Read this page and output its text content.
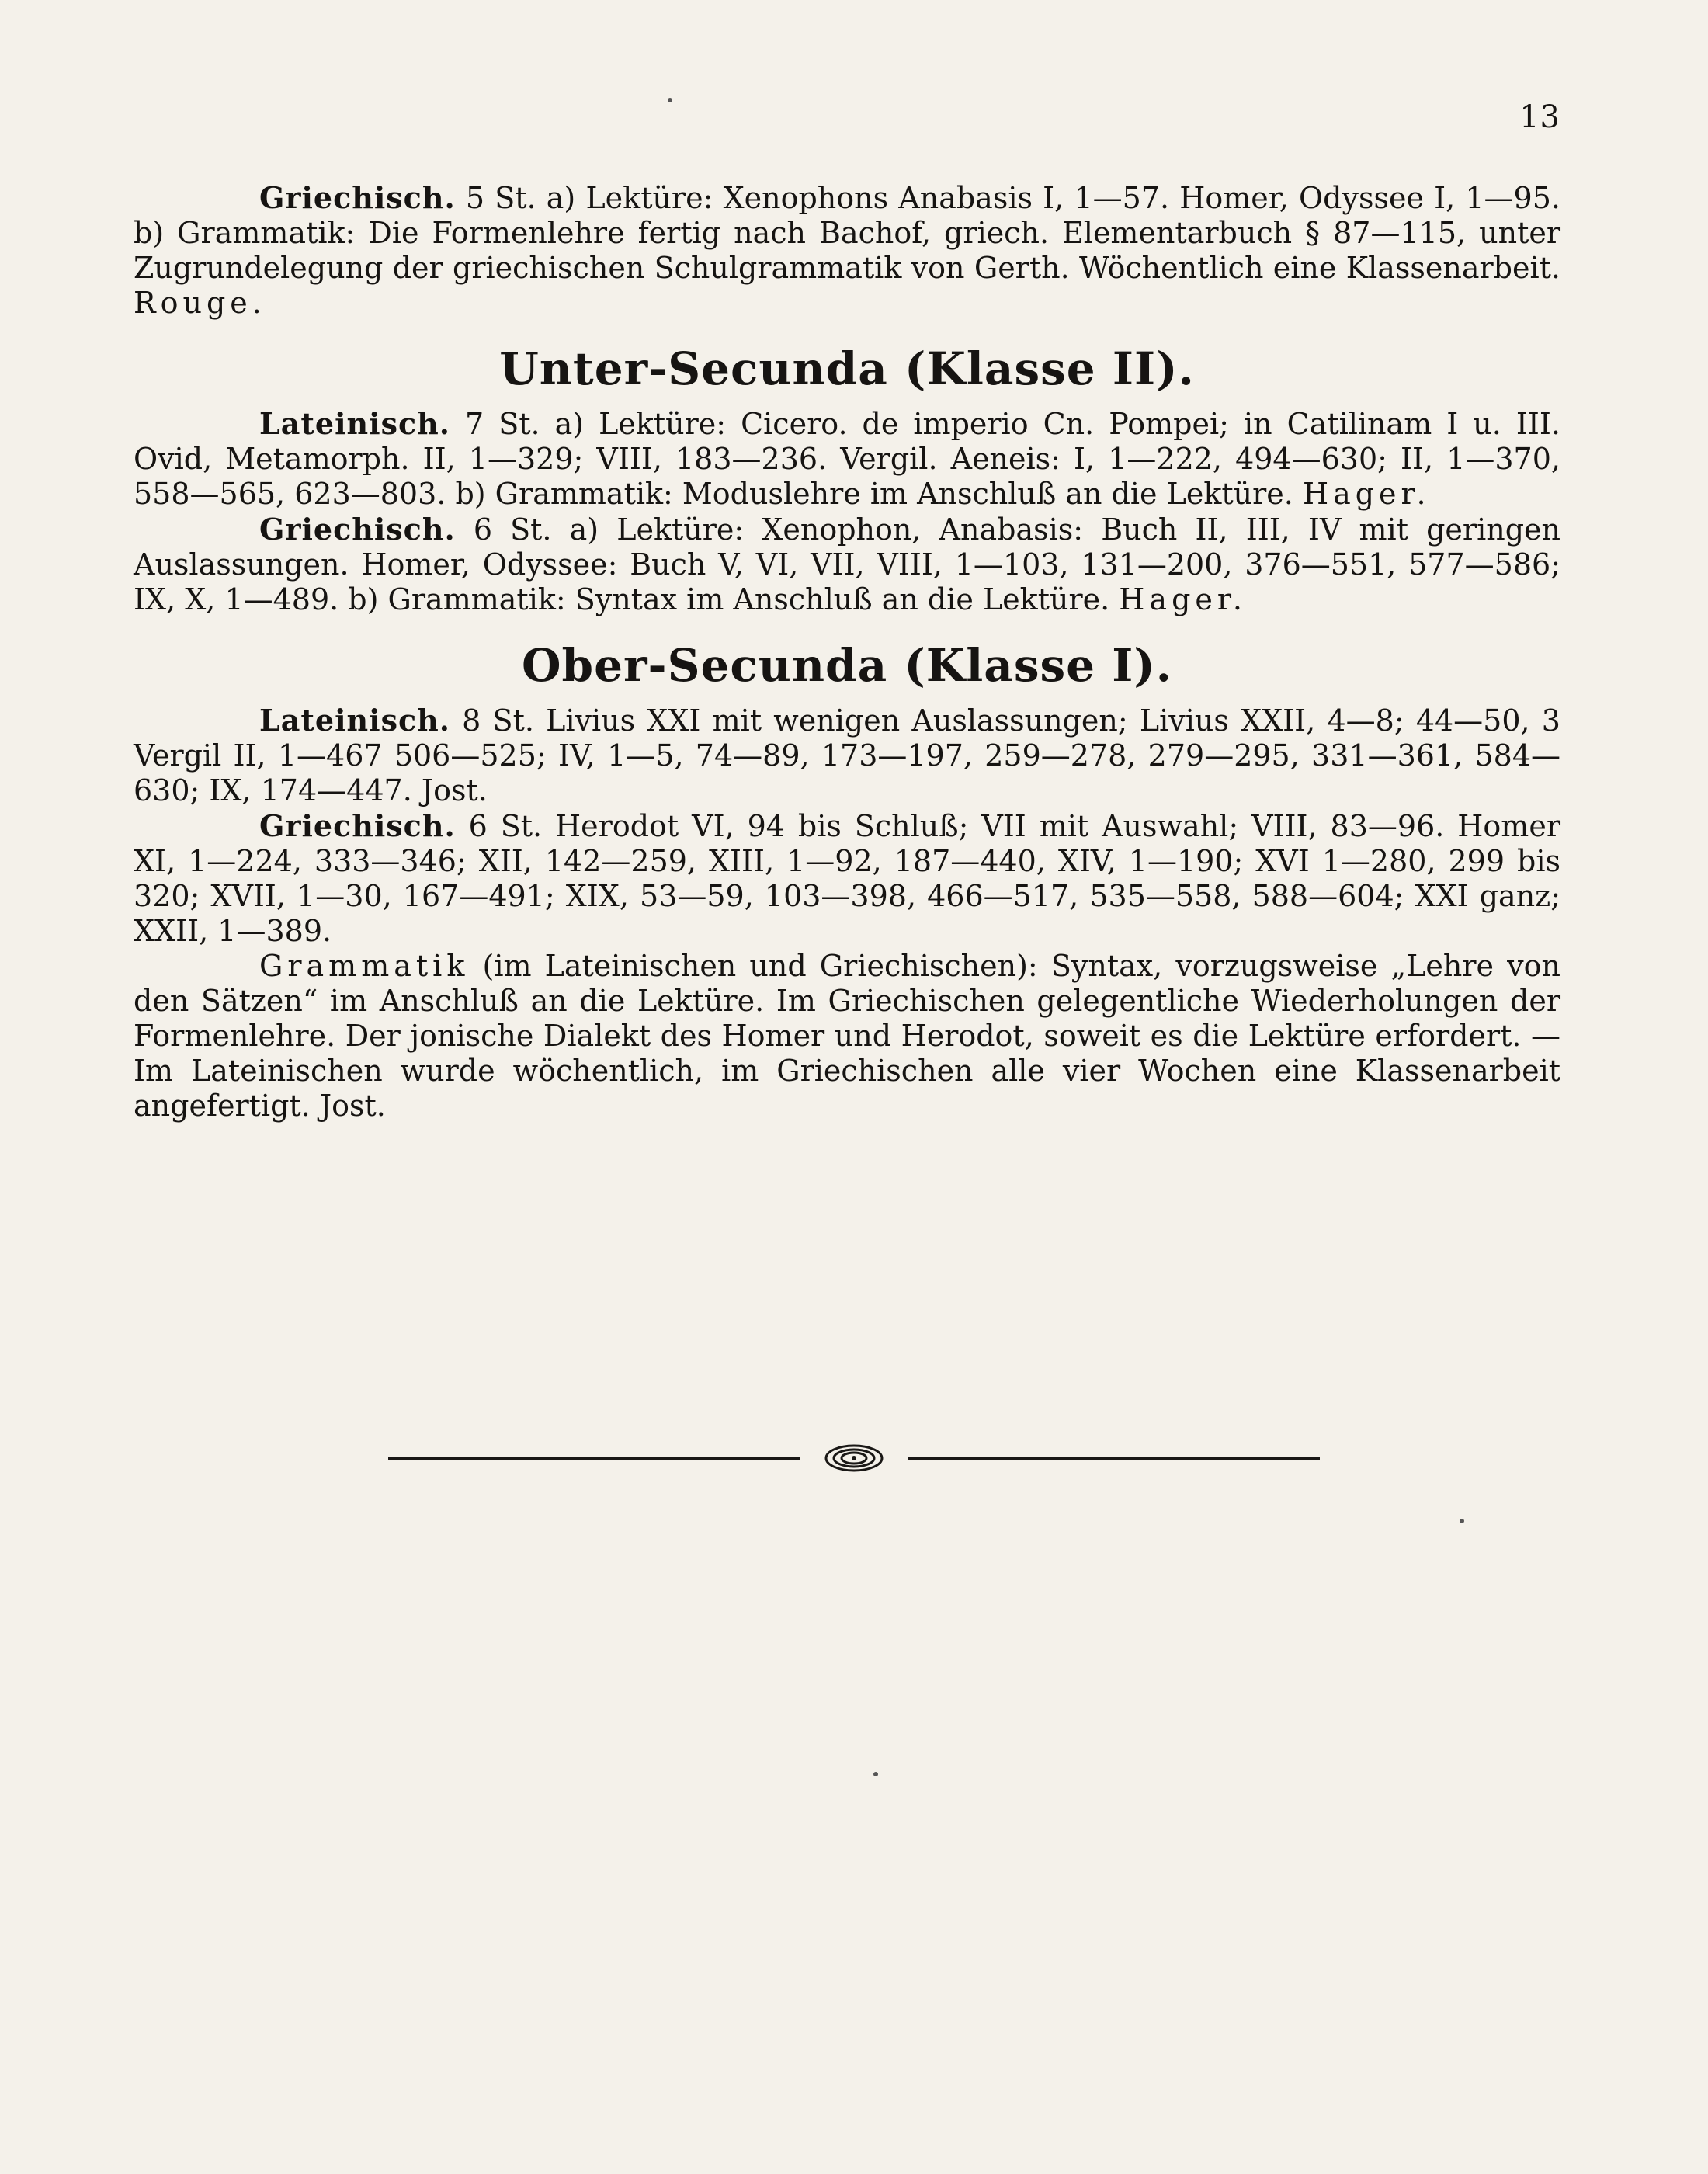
13

Griechisch. 5 St. a) Lektüre: Xenophons Anabasis I, 1—57. Homer, Odyssee I, 1—95. b) Grammatik: Die Formenlehre fertig nach Bachof, griech. Elementarbuch § 87—115, unter Zugrundelegung der griechischen Schulgrammatik von Gerth. Wöchentlich eine Klassenarbeit. Rouge.

Unter-Secunda (Klasse II).

Lateinisch. 7 St. a) Lektüre: Cicero. de imperio Cn. Pompei; in Catilinam I u. III. Ovid, Metamorph. II, 1—329; VIII, 183—236. Vergil. Aeneis: I, 1—222, 494—630; II, 1—370, 558—565, 623—803. b) Grammatik: Moduslehre im Anschluß an die Lektüre. Hager.

Griechisch. 6 St. a) Lektüre: Xenophon, Anabasis: Buch II, III, IV mit geringen Auslassungen. Homer, Odyssee: Buch V, VI, VII, VIII, 1—103, 131—200, 376—551, 577—586; IX, X, 1—489. b) Grammatik: Syntax im Anschluß an die Lektüre. Hager.

Ober-Secunda (Klasse I).

Lateinisch. 8 St. Livius XXI mit wenigen Auslassungen; Livius XXII, 4—8; 44—50, 3 Vergil II, 1—467 506—525; IV, 1—5, 74—89, 173—197, 259—278, 279—295, 331—361, 584—630; IX, 174—447. Jost.

Griechisch. 6 St. Herodot VI, 94 bis Schluß; VII mit Auswahl; VIII, 83—96. Homer XI, 1—224, 333—346; XII, 142—259, XIII, 1—92, 187—440, XIV, 1—190; XVI 1—280, 299 bis 320; XVII, 1—30, 167—491; XIX, 53—59, 103—398, 466—517, 535—558, 588—604; XXI ganz; XXII, 1—389.

Grammatik (im Lateinischen und Griechischen): Syntax, vorzugsweise „Lehre von den Sätzen“ im Anschluß an die Lektüre. Im Griechischen gelegentliche Wiederholungen der Formenlehre. Der jonische Dialekt des Homer und Herodot, soweit es die Lektüre erfordert. — Im Lateinischen wurde wöchentlich, im Griechischen alle vier Wochen eine Klassenarbeit angefertigt. Jost.
